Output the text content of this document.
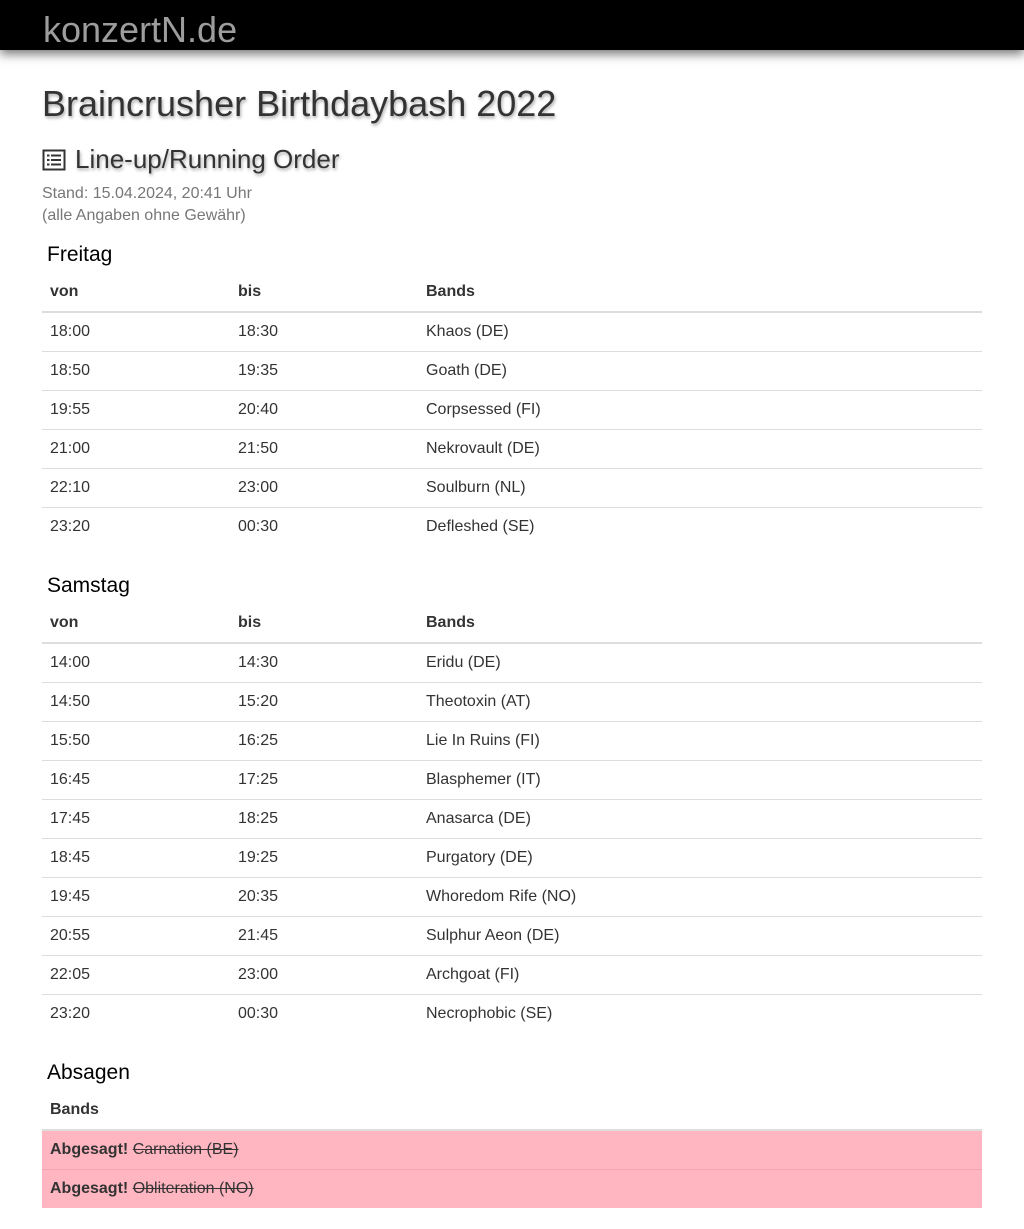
konzertN.de
Braincrusher Birthdaybash 2022
Line-up/Running Order
Stand: 15.04.2024, 20:41 Uhr
(alle Angaben ohne Gewähr)
Freitag
von	bis	Bands
18:00	18:30	Khaos (DE)
18:50	19:35	Goath (DE)
19:55	20:40	Corpsessed (FI)
21:00	21:50	Nekrovault (DE)
22:10	23:00	Soulburn (NL)
23:20	00:30	Defleshed (SE)
Samstag
von	bis	Bands
14:00	14:30	Eridu (DE)
14:50	15:20	Theotoxin (AT)
15:50	16:25	Lie In Ruins (FI)
16:45	17:25	Blasphemer (IT)
17:45	18:25	Anasarca (DE)
18:45	19:25	Purgatory (DE)
19:45	20:35	Whoredom Rife (NO)
20:55	21:45	Sulphur Aeon (DE)
22:05	23:00	Archgoat (FI)
23:20	00:30	Necrophobic (SE)
Absagen
Bands
Abgesagt! Carnation (BE)
Abgesagt! Obliteration (NO)
